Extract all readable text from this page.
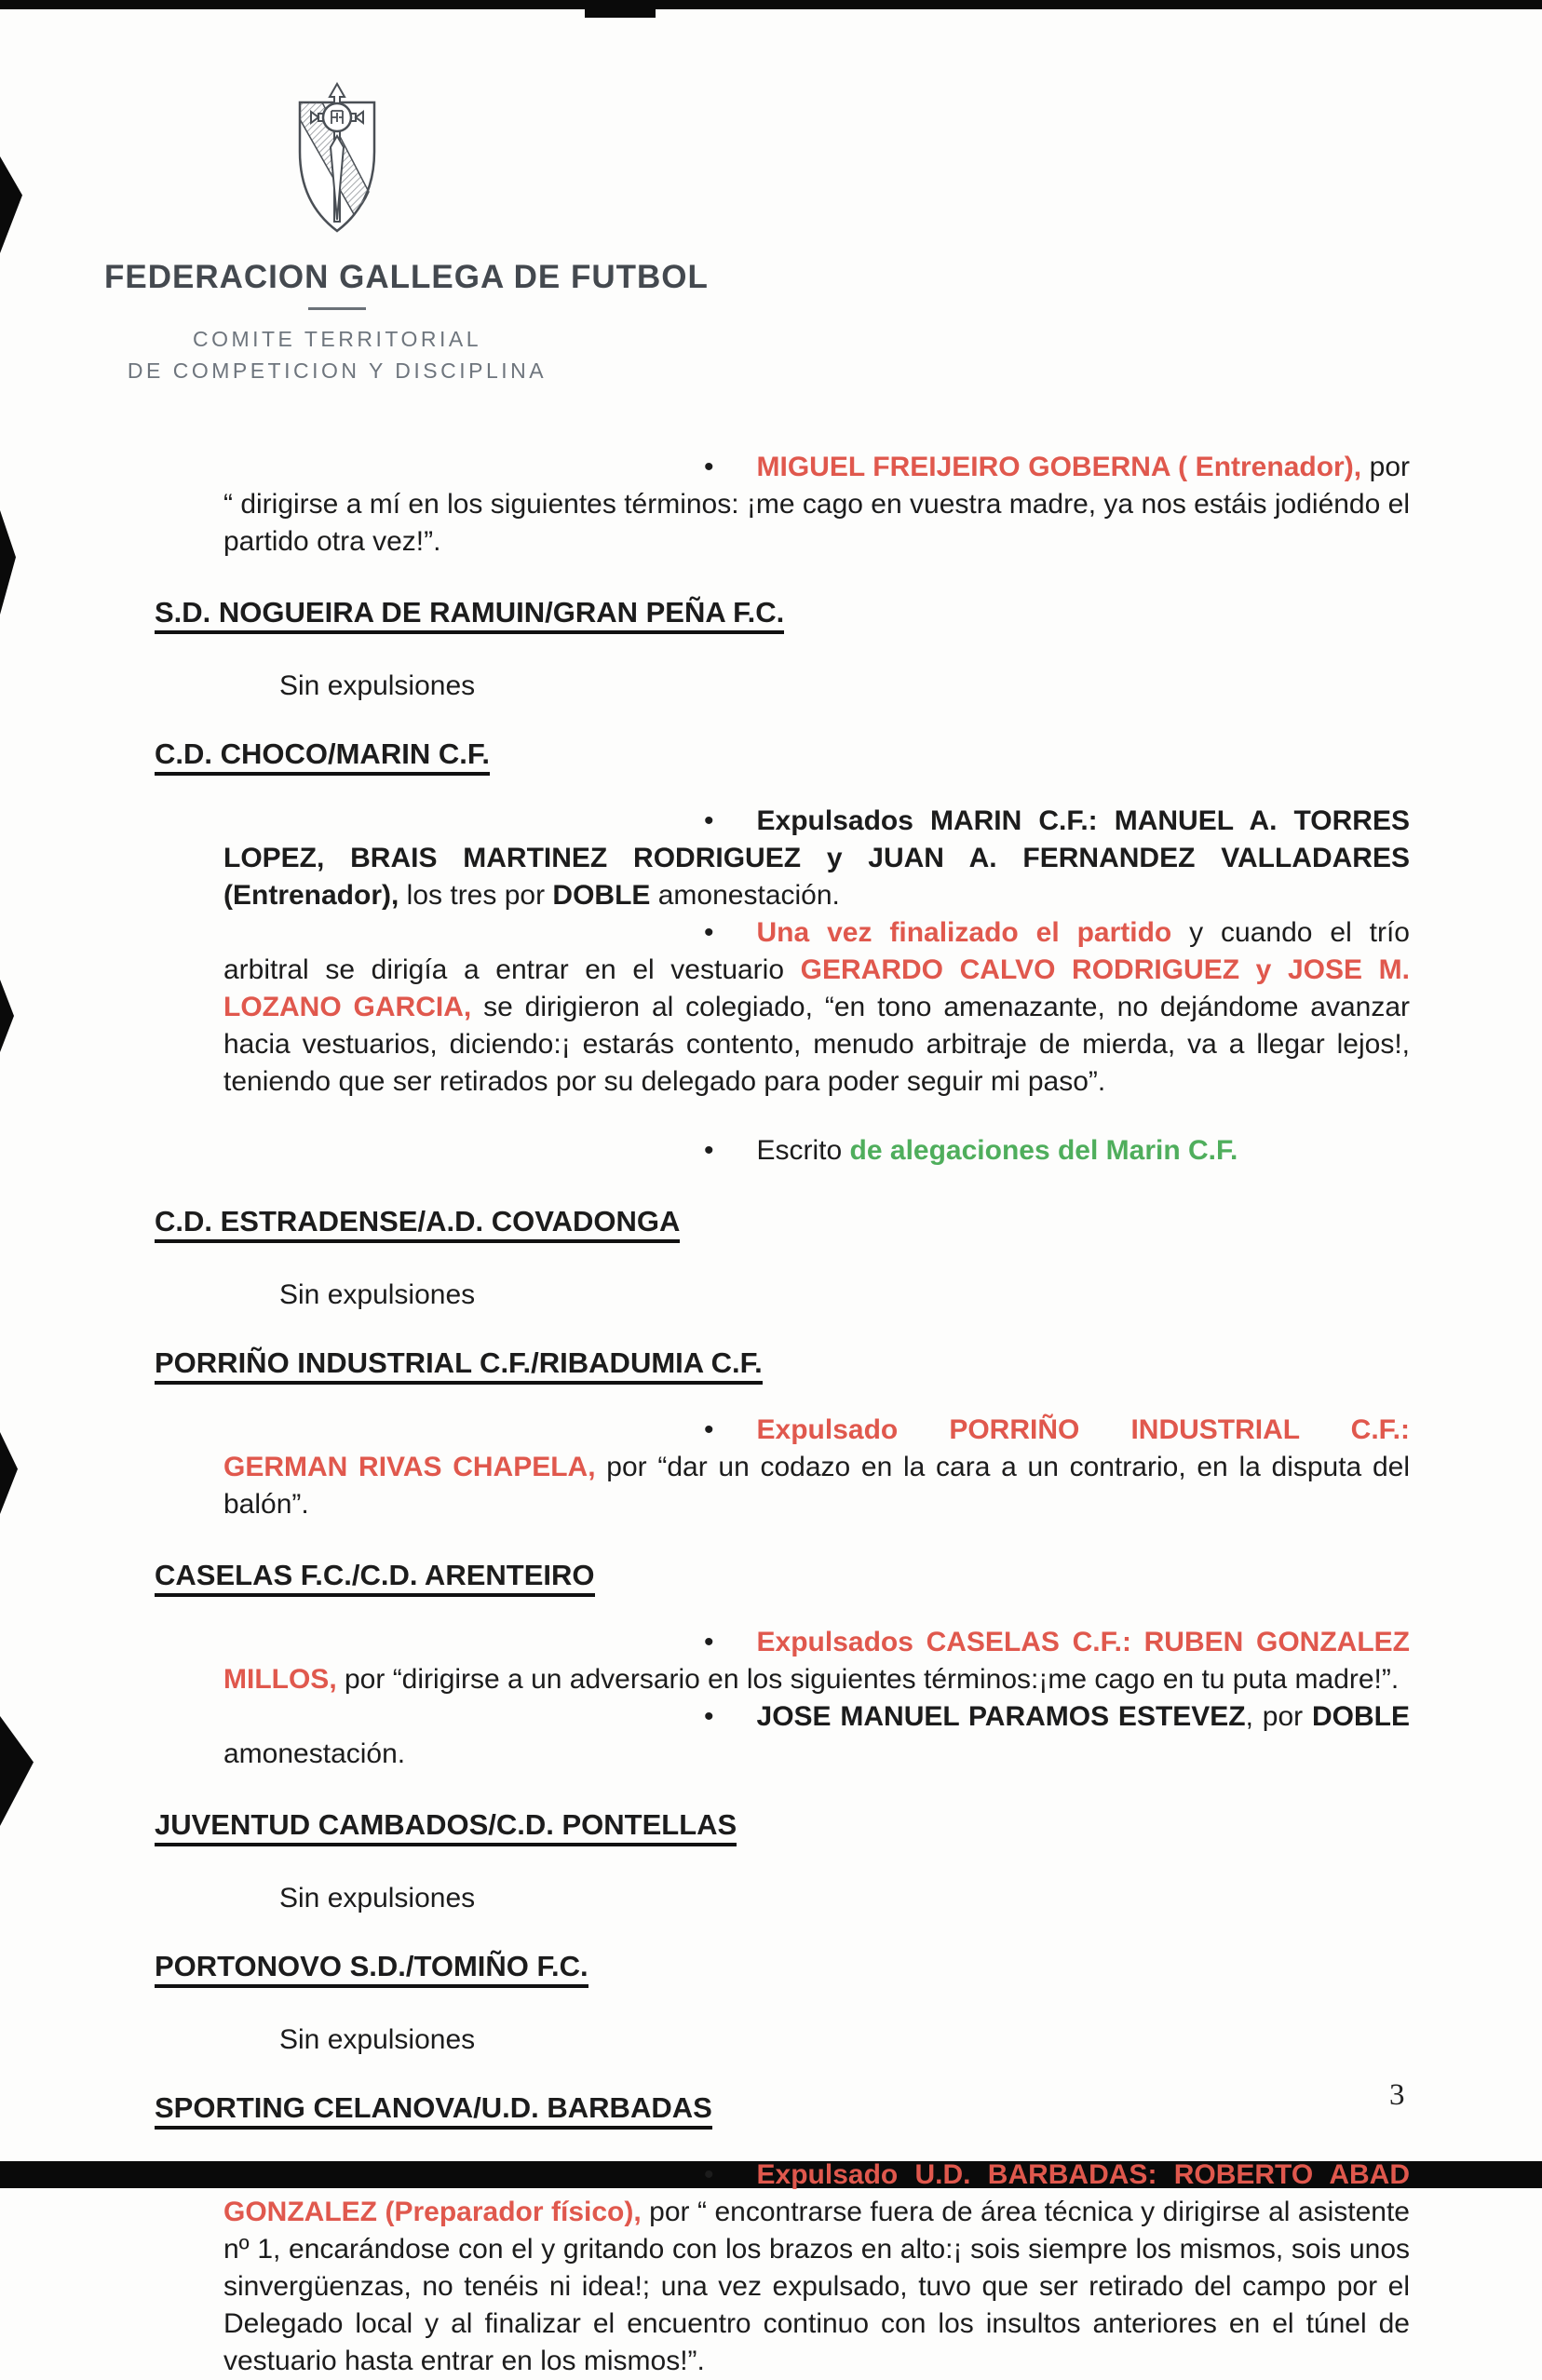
FEDERACION GALLEGA DE FUTBOL
COMITE TERRITORIAL
DE COMPETICION Y DISCIPLINA

• MIGUEL FREIJEIRO GOBERNA ( Entrenador), por “ dirigirse a mí en los siguientes términos: ¡me cago en vuestra madre, ya nos estáis jodiéndo el partido otra vez!”.

S.D. NOGUEIRA DE RAMUIN/GRAN PEÑA F.C.
Sin expulsiones
C.D. CHOCO/MARIN C.F.

• Expulsados MARIN C.F.: MANUEL A. TORRES LOPEZ, BRAIS MARTINEZ RODRIGUEZ y JUAN A. FERNANDEZ VALLADARES (Entrenador), los tres por DOBLE amonestación.

• Una vez finalizado el partido y cuando el trío arbitral se dirigía a entrar en el vestuario GERARDO CALVO RODRIGUEZ y JOSE M. LOZANO GARCIA, se dirigieron al colegiado, “en tono amenazante, no dejándome avanzar hacia vestuarios, diciendo:¡ estarás contento, menudo arbitraje de mierda, va a llegar lejos!, teniendo que ser retirados por su delegado para poder seguir mi paso”.

• Escrito de alegaciones del Marin C.F.

C.D. ESTRADENSE/A.D. COVADONGA
Sin expulsiones
PORRIÑO INDUSTRIAL C.F./RIBADUMIA C.F.

• Expulsado PORRIÑO INDUSTRIAL C.F.: GERMAN RIVAS CHAPELA, por “dar un codazo en la cara a un contrario, en la disputa del balón”.

CASELAS F.C./C.D. ARENTEIRO

• Expulsados CASELAS C.F.: RUBEN GONZALEZ MILLOS, por “dirigirse a un adversario en los siguientes términos:¡me cago en tu puta madre!”.

• JOSE MANUEL PARAMOS ESTEVEZ, por DOBLE amonestación.

JUVENTUD CAMBADOS/C.D. PONTELLAS
Sin expulsiones
PORTONOVO S.D./TOMIÑO F.C.
Sin expulsiones
SPORTING CELANOVA/U.D. BARBADAS

• Expulsado U.D. BARBADAS: ROBERTO ABAD GONZALEZ (Preparador físico), por “ encontrarse fuera de área técnica y dirigirse al asistente nº 1, encarándose con el y gritando con los brazos en alto:¡ sois siempre los mismos, sois unos sinvergüenzas, no tenéis ni idea!; una vez expulsado, tuvo que ser retirado del campo por el Delegado local y al finalizar el encuentro continuo con los insultos anteriores en el túnel de vestuario hasta entrar en los mismos!”.

3
